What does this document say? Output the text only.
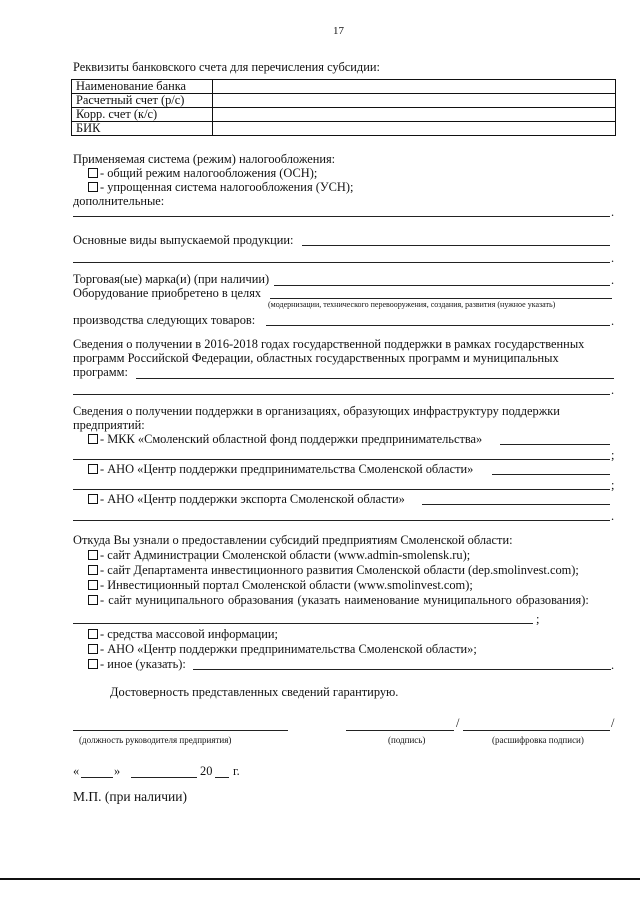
17
Реквизиты банковского счета для перечисления субсидии:
Наименование банка	
Расчетный счет (р/с)	
Корр. счет (к/с)	
БИК	
Применяемая система (режим) налогообложения:
- общий режим налогообложения (ОСН);
- упрощенная система налогообложения (УСН);
дополнительные:
.
Основные виды выпускаемой продукции:
.
Торговая(ые) марка(и) (при наличии)	.
Оборудование приобретено в целях
(модернизации, технического перевооружения, создания, развития (нужное указать)
производства следующих товаров:	.
Сведения о получении в 2016-2018 годах государственной поддержки в рамках государственных
программ Российской Федерации, областных государственных программ и муниципальных
программ:
.
Сведения о получении поддержки в организациях, образующих инфраструктуру поддержки
предприятий:
- МКК «Смоленский областной фонд поддержки предпринимательства»
;
- АНО «Центр поддержки предпринимательства Смоленской области»
;
- АНО «Центр поддержки экспорта Смоленской области»
.
Откуда Вы узнали о предоставлении субсидий предприятиям Смоленской области:
- сайт Администрации Смоленской области (www.admin-smolensk.ru);
- сайт Департамента инвестиционного развития Смоленской области (dep.smolinvest.com);
- Инвестиционный портал Смоленской области (www.smolinvest.com);
- сайт муниципального образования (указать наименование муниципального образования):
;
- средства массовой информации;
- АНО «Центр поддержки предпринимательства Смоленской области»;
- иное (указать):	.
Достоверность представленных сведений гарантирую.
(должность руководителя предприятия)
/	/
(подпись)	(расшифровка подписи)
«	»	20 г.
М.П. (при наличии)
